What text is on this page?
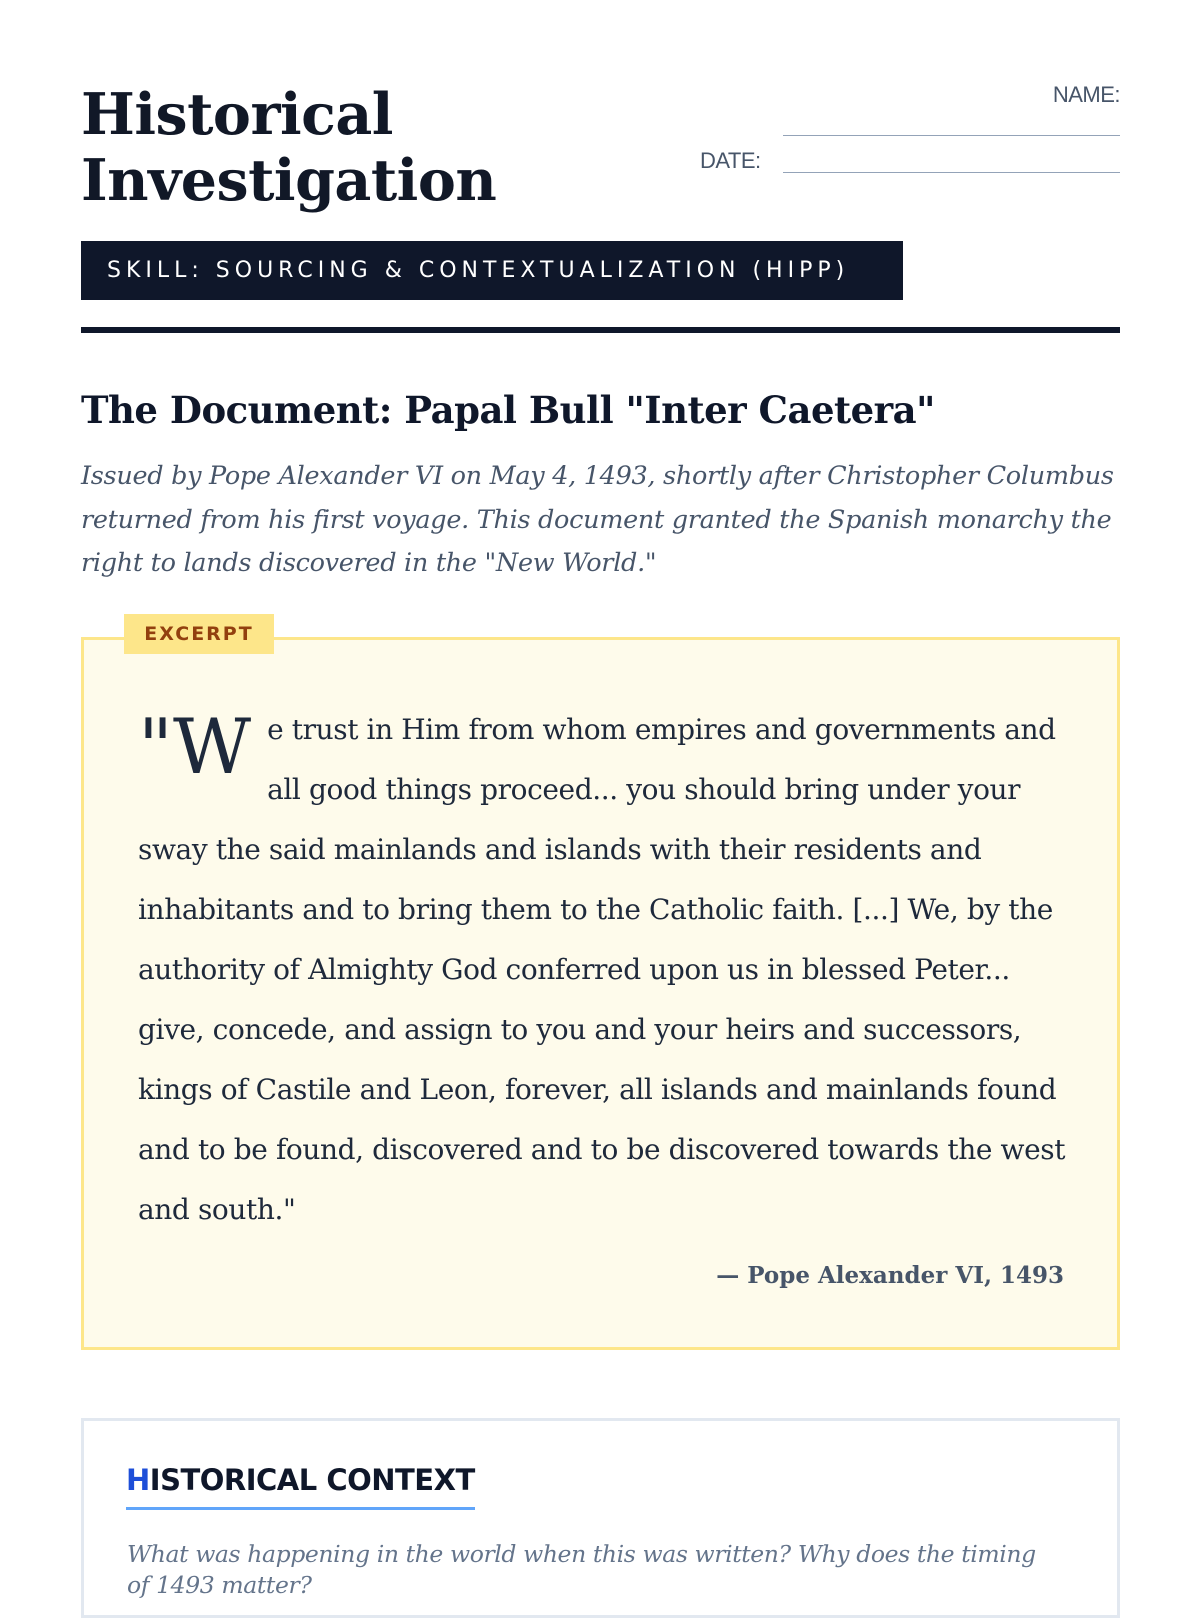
Historical
Investigation
NAME:
DATE:
SKILL: SOURCING & CONTEXTUALIZATION (HIPP)
The Document: Papal Bull "Inter Caetera"

Issued by Pope Alexander VI on May 4, 1493, shortly after Christopher Columbus returned from his first voyage. This document granted the Spanish monarchy the right to lands discovered in the "New World."

EXCERPT
"W e trust in Him from whom empires and governments and all good things proceed... you should bring under your sway the said mainlands and islands with their residents and inhabitants and to bring them to the Catholic faith. [...] We, by the authority of Almighty God conferred upon us in blessed Peter... give, concede, and assign to you and your heirs and successors, kings of Castile and Leon, forever, all islands and mainlands found and to be found, discovered and to be discovered towards the west and south."

— Pope Alexander VI, 1493
HISTORICAL CONTEXT

What was happening in the world when this was written? Why does the timing of 1493 matter?
